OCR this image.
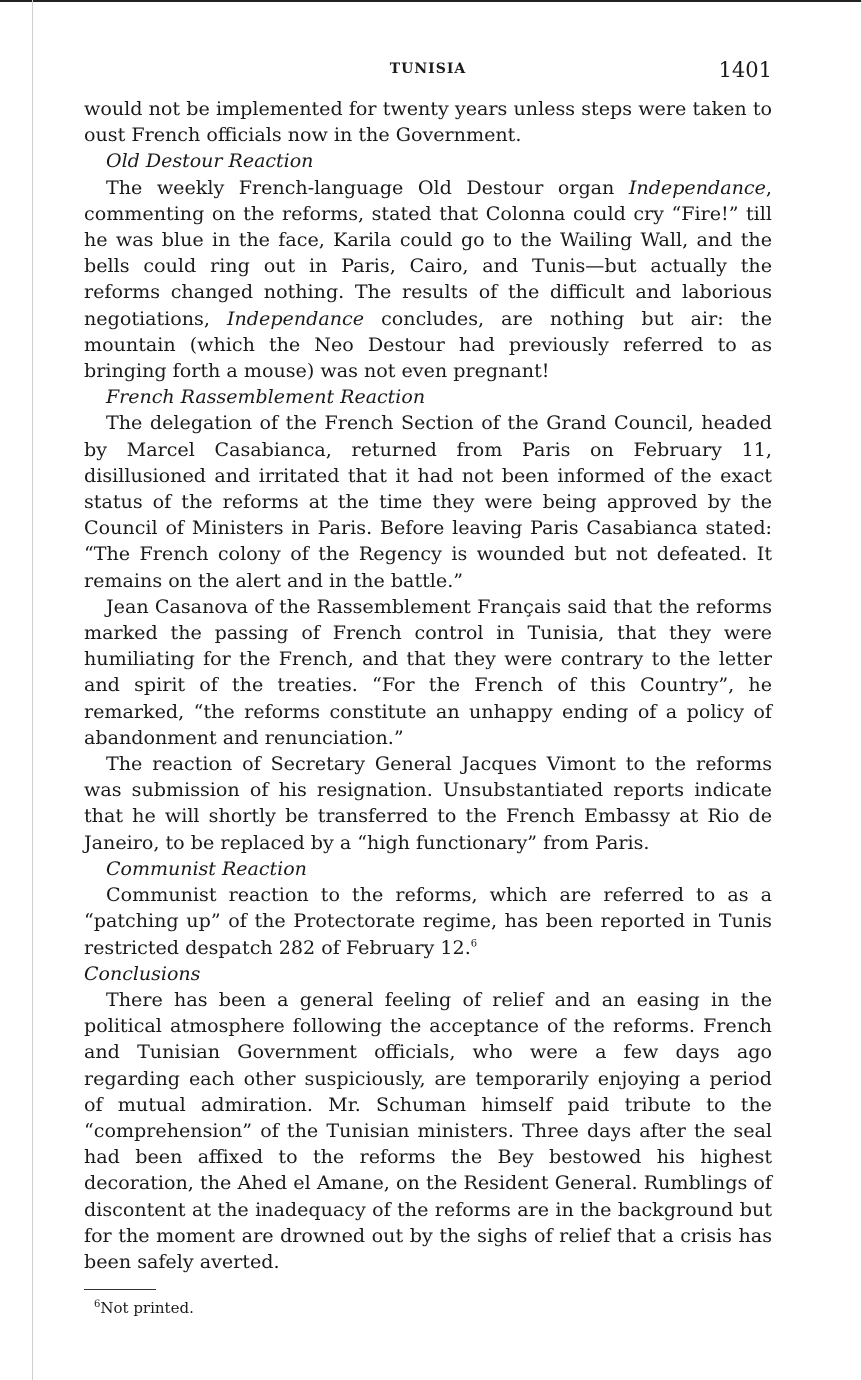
TUNISIA	1401

would not be implemented for twenty years unless steps were taken to oust French officials now in the Government.

Old Destour Reaction

The weekly French-language Old Destour organ Independance, commenting on the reforms, stated that Colonna could cry “Fire!” till he was blue in the face, Karila could go to the Wailing Wall, and the bells could ring out in Paris, Cairo, and Tunis—but actually the reforms changed nothing. The results of the difficult and laborious negotiations, Independance concludes, are nothing but air: the mountain (which the Neo Destour had previously referred to as bringing forth a mouse) was not even pregnant!

French Rassemblement Reaction

The delegation of the French Section of the Grand Council, headed by Marcel Casabianca, returned from Paris on February 11, disillusioned and irritated that it had not been informed of the exact status of the reforms at the time they were being approved by the Council of Ministers in Paris. Before leaving Paris Casabianca stated: “The French colony of the Regency is wounded but not defeated. It remains on the alert and in the battle.”

Jean Casanova of the Rassemblement Français said that the reforms marked the passing of French control in Tunisia, that they were humiliating for the French, and that they were contrary to the letter and spirit of the treaties. “For the French of this Country”, he remarked, “the reforms constitute an unhappy ending of a policy of abandonment and renunciation.”

The reaction of Secretary General Jacques Vimont to the reforms was submission of his resignation. Unsubstantiated reports indicate that he will shortly be transferred to the French Embassy at Rio de Janeiro, to be replaced by a “high functionary” from Paris.

Communist Reaction

Communist reaction to the reforms, which are referred to as a “patching up” of the Protectorate regime, has been reported in Tunis restricted despatch 282 of February 12.$^6$

Conclusions

There has been a general feeling of relief and an easing in the political atmosphere following the acceptance of the reforms. French and Tunisian Government officials, who were a few days ago regarding each other suspiciously, are temporarily enjoying a period of mutual admiration. Mr. Schuman himself paid tribute to the “comprehension” of the Tunisian ministers. Three days after the seal had been affixed to the reforms the Bey bestowed his highest decoration, the Ahed el Amane, on the Resident General. Rumblings of discontent at the inadequacy of the reforms are in the background but for the moment are drowned out by the sighs of relief that a crisis has been safely averted.

$^6$Not printed.
